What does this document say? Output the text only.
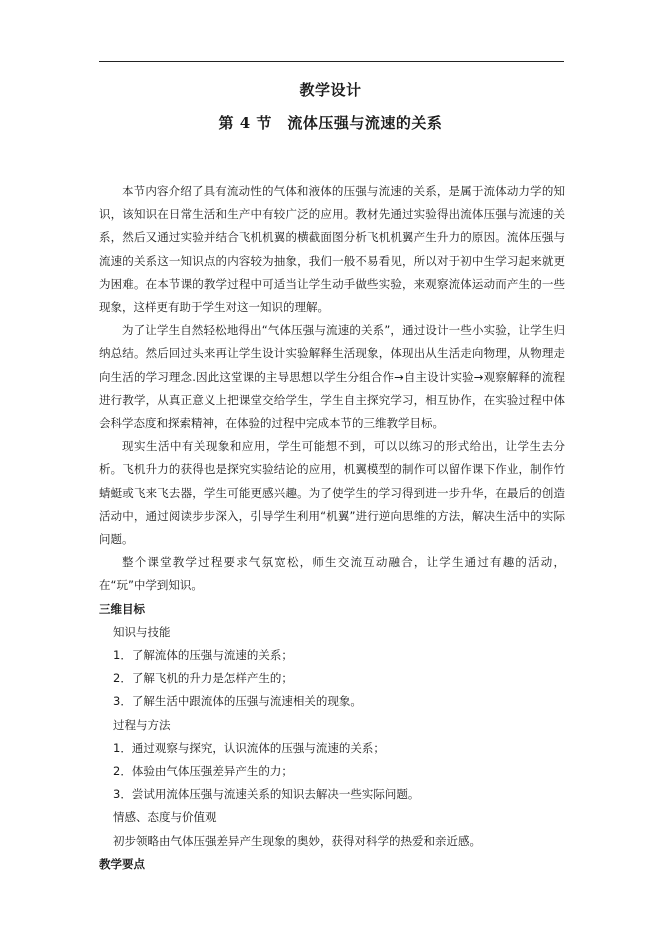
教学设计
第 4 节　流体压强与流速的关系

本节内容介绍了具有流动性的气体和液体的压强与流速的关系，是属于流体动力学的知识，该知识在日常生活和生产中有较广泛的应用。教材先通过实验得出流体压强与流速的关系，然后又通过实验并结合飞机机翼的横截面图分析飞机机翼产生升力的原因。流体压强与流速的关系这一知识点的内容较为抽象，我们一般不易看见，所以对于初中生学习起来就更为困难。在本节课的教学过程中可适当让学生动手做些实验，来观察流体运动而产生的一些现象，这样更有助于学生对这一知识的理解。

为了让学生自然轻松地得出“气体压强与流速的关系”，通过设计一些小实验，让学生归纳总结。然后回过头来再让学生设计实验解释生活现象，体现出从生活走向物理，从物理走向生活的学习理念.因此这堂课的主导思想以学生分组合作→自主设计实验→观察解释的流程进行教学，从真正意义上把课堂交给学生，学生自主探究学习，相互协作，在实验过程中体会科学态度和探索精神，在体验的过程中完成本节的三维教学目标。

现实生活中有关现象和应用，学生可能想不到，可以以练习的形式给出，让学生去分析。飞机升力的获得也是探究实验结论的应用，机翼模型的制作可以留作课下作业，制作竹蜻蜓或飞来飞去器，学生可能更感兴趣。为了使学生的学习得到进一步升华，在最后的创造活动中，通过阅读步步深入，引导学生利用“机翼”进行逆向思维的方法，解决生活中的实际问题。

整个课堂教学过程要求气氛宽松，师生交流互动融合，让学生通过有趣的活动，在“玩”中学到知识。

三维目标

知识与技能

1．了解流体的压强与流速的关系；

2．了解飞机的升力是怎样产生的；

3．了解生活中跟流体的压强与流速相关的现象。

过程与方法

1．通过观察与探究，认识流体的压强与流速的关系；

2．体验由气体压强差异产生的力；

3．尝试用流体压强与流速关系的知识去解决一些实际问题。

情感、态度与价值观

初步领略由气体压强差异产生现象的奥妙，获得对科学的热爱和亲近感。

教学要点
